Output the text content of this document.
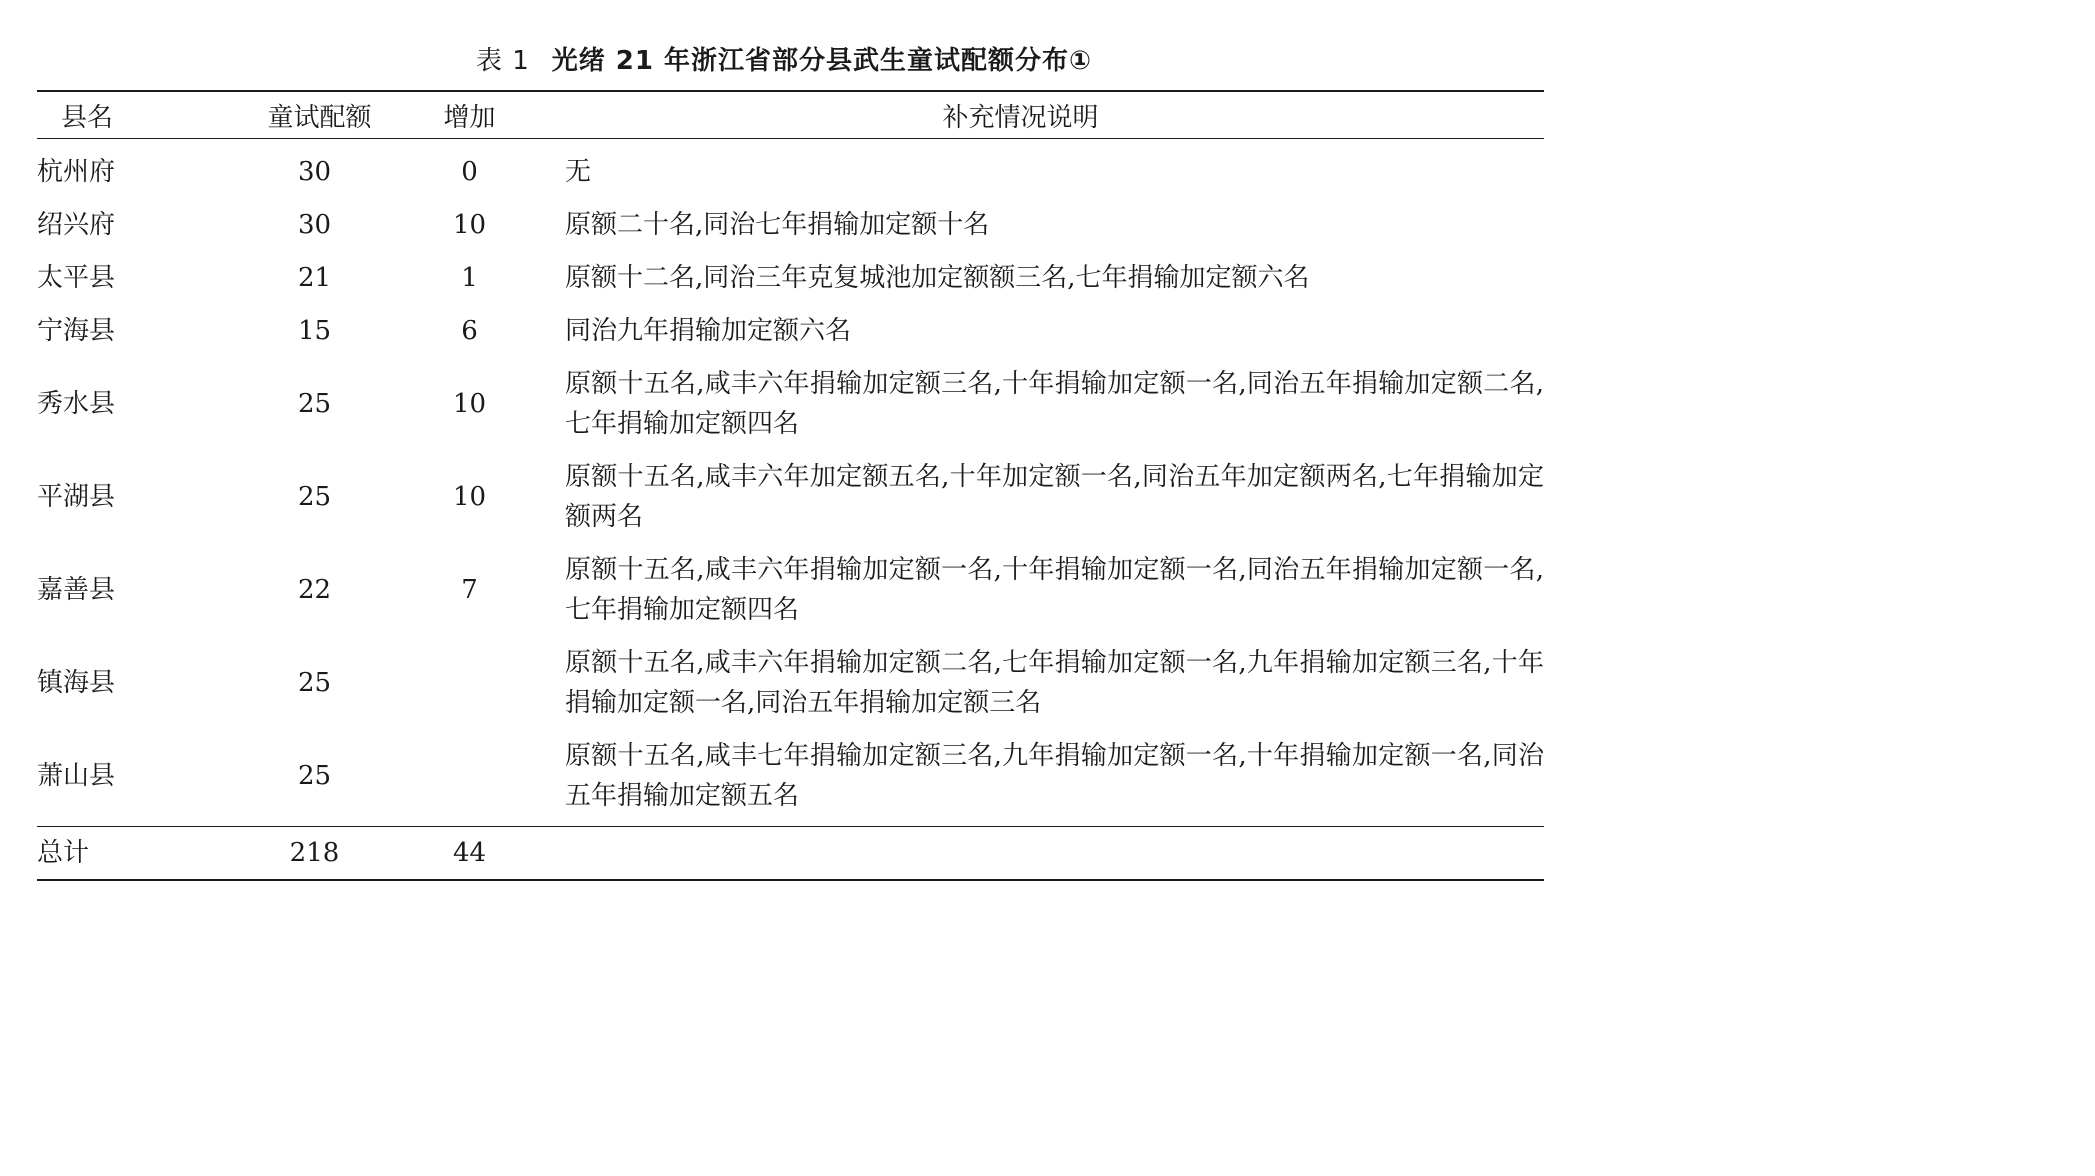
表 1 光绪 21 年浙江省部分县武生童试配额分布①
县名	童试配额	增加	补充情况说明
杭州府	30	0	无
绍兴府	30	10	原额二十名,同治七年捐输加定额十名
太平县	21	1	原额十二名,同治三年克复城池加定额额三名,七年捐输加定额六名
宁海县	15	6	同治九年捐输加定额六名
秀水县	25	10	原额十五名,咸丰六年捐输加定额三名,十年捐输加定额一名,同治五年捐输加定额二名,七年捐输加定额四名
平湖县	25	10	原额十五名,咸丰六年加定额五名,十年加定额一名,同治五年加定额两名,七年捐输加定额两名
嘉善县	22	7	原额十五名,咸丰六年捐输加定额一名,十年捐输加定额一名,同治五年捐输加定额一名,七年捐输加定额四名
镇海县	25		原额十五名,咸丰六年捐输加定额二名,七年捐输加定额一名,九年捐输加定额三名,十年捐输加定额一名,同治五年捐输加定额三名
萧山县	25		原额十五名,咸丰七年捐输加定额三名,九年捐输加定额一名,十年捐输加定额一名,同治五年捐输加定额五名
总计	218	44	
